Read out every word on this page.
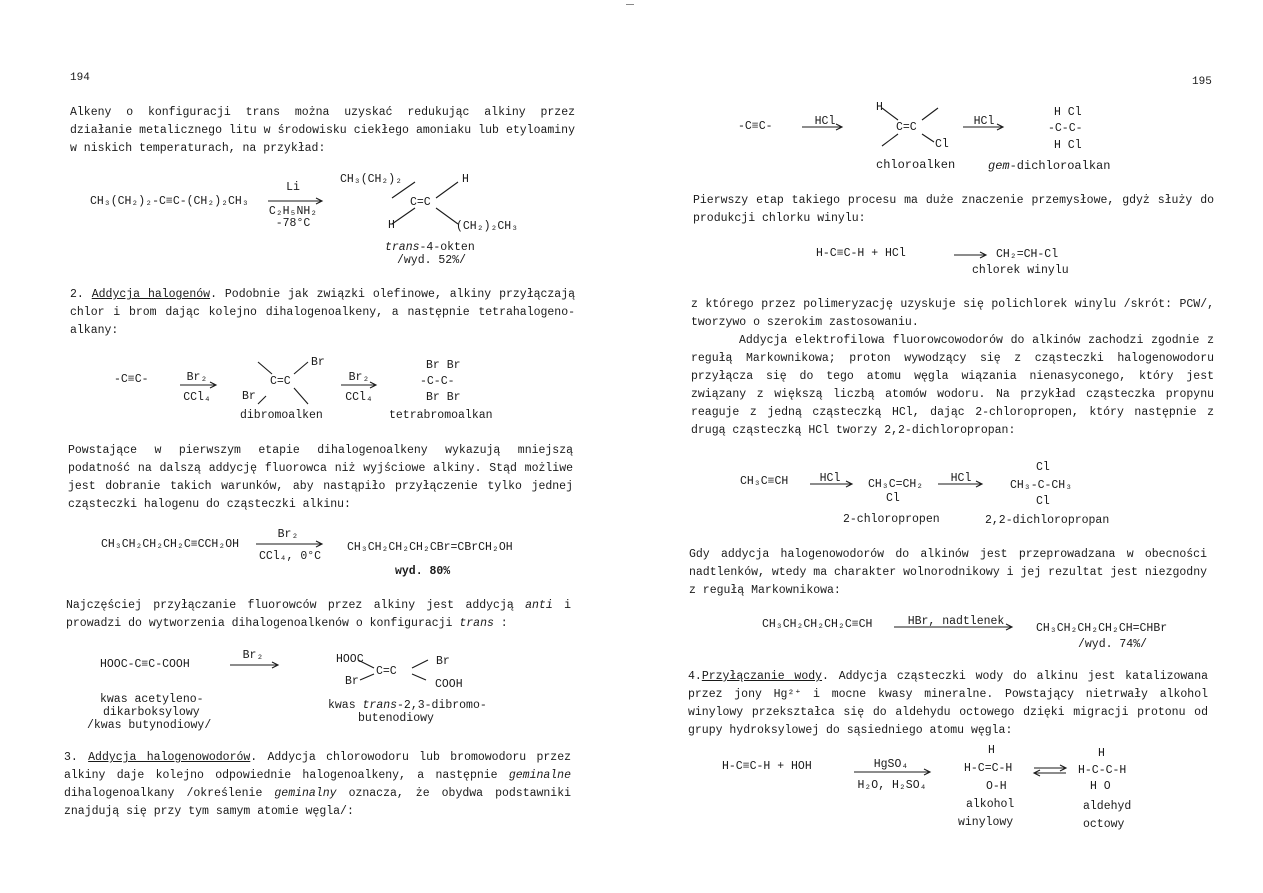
194
Alkeny o konfiguracji trans można uzyskać redukując alkiny przez działanie metalicznego litu w środowisku ciekłego amoniaku lub etyloaminy w niskich temperaturach, na przykład:
CH₃(CH₂)₂-C≡C-(CH₂)₂CH₃
Li
C₂H₅NH₂
-78°C
CH₃(CH₂)₂	H
C=C
H	(CH₂)₂CH₃
trans-4-okten
/wyd. 52%/
2. Addycja halogenów. Podobnie jak związki olefinowe, alkiny przyłączają chlor i brom dając kolejno dihalogenoalkeny, a następnie tetrahalogeno-alkany:
-C≡C-	Br₂
CCl₄
Br
C=C
Br
Br₂
CCl₄
Br Br
-C-C-
Br Br
dibromoalken	tetrabromoalkan
Powstające w pierwszym etapie dihalogenoalkeny wykazują mniejszą podatność na dalszą addycję fluorowca niż wyjściowe alkiny. Stąd możliwe jest dobranie takich warunków, aby nastąpiło przyłączenie tylko jednej cząsteczki halogenu do cząsteczki alkinu:
CH₃CH₂CH₂CH₂C≡CCH₂OH
Br₂
CCl₄, 0°C
CH₃CH₂CH₂CH₂CBr=CBrCH₂OH
wyd. 80%
Najczęściej przyłączanie fluorowców przez alkiny jest addycją anti i prowadzi do wytworzenia dihalogenoalkenów o konfiguracji trans :
HOOC-C≡C-COOH
Br₂	HOOC	Br
C=C
Br	COOH
kwas acetyleno-
dikarboksylowy
/kwas butynodiowy/
kwas trans-2,3-dibromo-
butenodiowy
3. Addycja halogenowodorów. Addycja chlorowodoru lub bromowodoru przez alkiny daje kolejno odpowiednie halogenoalkeny, a następnie geminalne dihalogenoalkany /określenie geminalny oznacza, że obydwa podstawniki znajdują się przy tym samym atomie węgla/:
195
-C≡C-	HCl
H
C=C
Cl
HCl
H Cl
-C-C-
H Cl
chloroalken	gem-dichloroalkan
Pierwszy etap takiego procesu ma duże znaczenie przemysłowe, gdyż służy do produkcji chlorku winylu:
H-C≡C-H + HCl	CH₂=CH-Cl
chlorek winylu
z którego przez polimeryzację uzyskuje się polichlorek winylu /skrót: PCW/, tworzywo o szerokim zastosowaniu.
Addycja elektrofilowa fluorowcowodorów do alkinów zachodzi zgodnie z regułą Markownikowa; proton wywodzący się z cząsteczki halogenowodoru przyłącza się do tego atomu węgla wiązania nienasyconego, który jest związany z większą liczbą atomów wodoru. Na przykład cząsteczka propynu reaguje z jedną cząsteczką HCl, dając 2-chloropropen, który następnie z drugą cząsteczką HCl tworzy 2,2-dichloropropan:
CH₃C≡CH	HCl	CH₃C=CH₂
Cl
HCl
Cl
CH₃-C-CH₃
Cl
2-chloropropen	2,2-dichloropropan
Gdy addycja halogenowodorów do alkinów jest przeprowadzana w obecności nadtlenków, wtedy ma charakter wolnorodnikowy i jej rezultat jest niezgodny z regułą Markownikowa:
CH₃CH₂CH₂CH₂C≡CH	HBr, nadtlenek
CH₃CH₂CH₂CH₂CH=CHBr
/wyd. 74%/
4.Przyłączanie wody. Addycja cząsteczki wody do alkinu jest katalizowana przez jony Hg²⁺ i mocne kwasy mineralne. Powstający nietrwały alkohol winylowy przekształca się do aldehydu octowego dzięki migracji protonu od grupy hydroksylowej do sąsiedniego atomu węgla:
H-C≡C-H + HOH	HgSO₄
H₂O, H₂SO₄
H
H-C=C-H
O-H
H
H-C-C-H
H O
alkohol
winylowy
aldehyd
octowy
